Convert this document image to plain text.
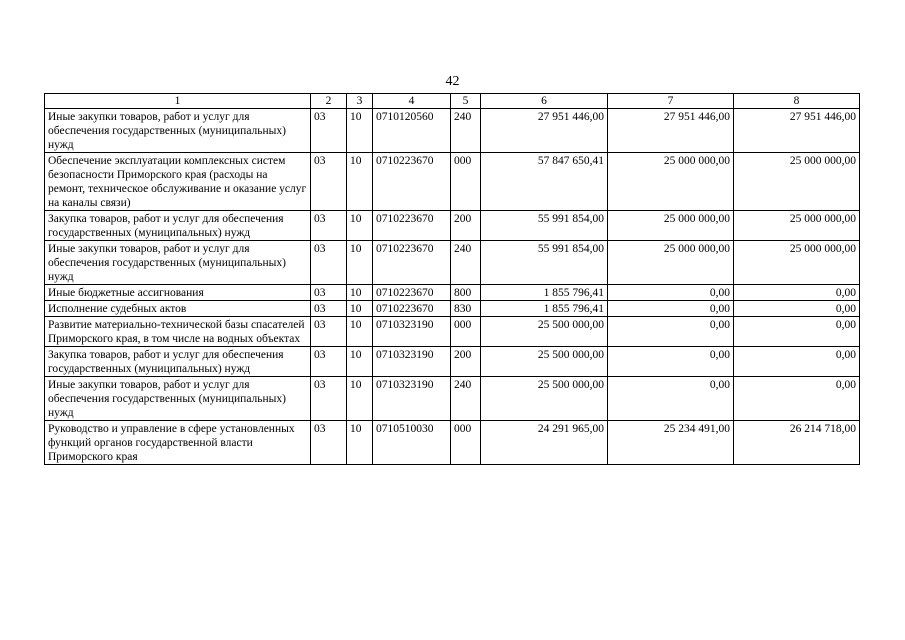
42
1	2	3	4	5	6	7	8
Иные закупки товаров, работ и услуг для обеспечения государственных (муниципальных) нужд	03	10	0710120560	240	27 951 446,00	27 951 446,00	27 951 446,00
Обеспечение эксплуатации комплексных систем безопасности Приморского края (расходы на ремонт, техническое обслуживание и оказание услуг на каналы связи)	03	10	0710223670	000	57 847 650,41	25 000 000,00	25 000 000,00
Закупка товаров, работ и услуг для обеспечения государственных (муниципальных) нужд	03	10	0710223670	200	55 991 854,00	25 000 000,00	25 000 000,00
Иные закупки товаров, работ и услуг для обеспечения государственных (муниципальных) нужд	03	10	0710223670	240	55 991 854,00	25 000 000,00	25 000 000,00
Иные бюджетные ассигнования	03	10	0710223670	800	1 855 796,41	0,00	0,00
Исполнение судебных актов	03	10	0710223670	830	1 855 796,41	0,00	0,00
Развитие материально-технической базы спасателей Приморского края, в том числе на водных объектах	03	10	0710323190	000	25 500 000,00	0,00	0,00
Закупка товаров, работ и услуг для обеспечения государственных (муниципальных) нужд	03	10	0710323190	200	25 500 000,00	0,00	0,00
Иные закупки товаров, работ и услуг для обеспечения государственных (муниципальных) нужд	03	10	0710323190	240	25 500 000,00	0,00	0,00
Руководство и управление в сфере установленных функций органов государственной власти Приморского края	03	10	0710510030	000	24 291 965,00	25 234 491,00	26 214 718,00
